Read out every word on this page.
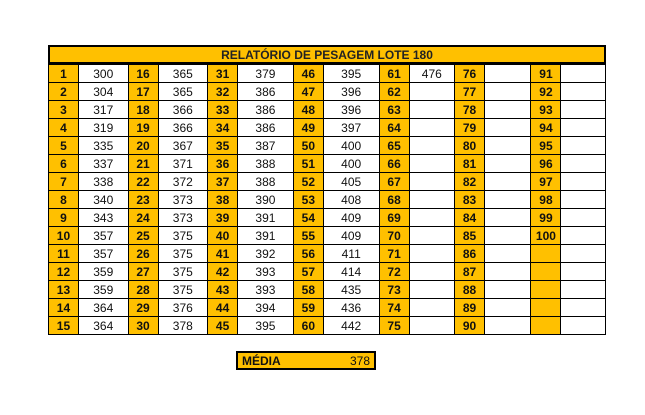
RELATÓRIO DE PESAGEM LOTE 180
1	300	16	365	31	379	46	395	61	476	76		91	
2	304	17	365	32	386	47	396	62		77		92	
3	317	18	366	33	386	48	396	63		78		93	
4	319	19	366	34	386	49	397	64		79		94	
5	335	20	367	35	387	50	400	65		80		95	
6	337	21	371	36	388	51	400	66		81		96	
7	338	22	372	37	388	52	405	67		82		97	
8	340	23	373	38	390	53	408	68		83		98	
9	343	24	373	39	391	54	409	69		84		99	
10	357	25	375	40	391	55	409	70		85		100	
11	357	26	375	41	392	56	411	71		86			
12	359	27	375	42	393	57	414	72		87			
13	359	28	375	43	393	58	435	73		88			
14	364	29	376	44	394	59	436	74		89			
15	364	30	378	45	395	60	442	75		90			
MÉDIA	378
